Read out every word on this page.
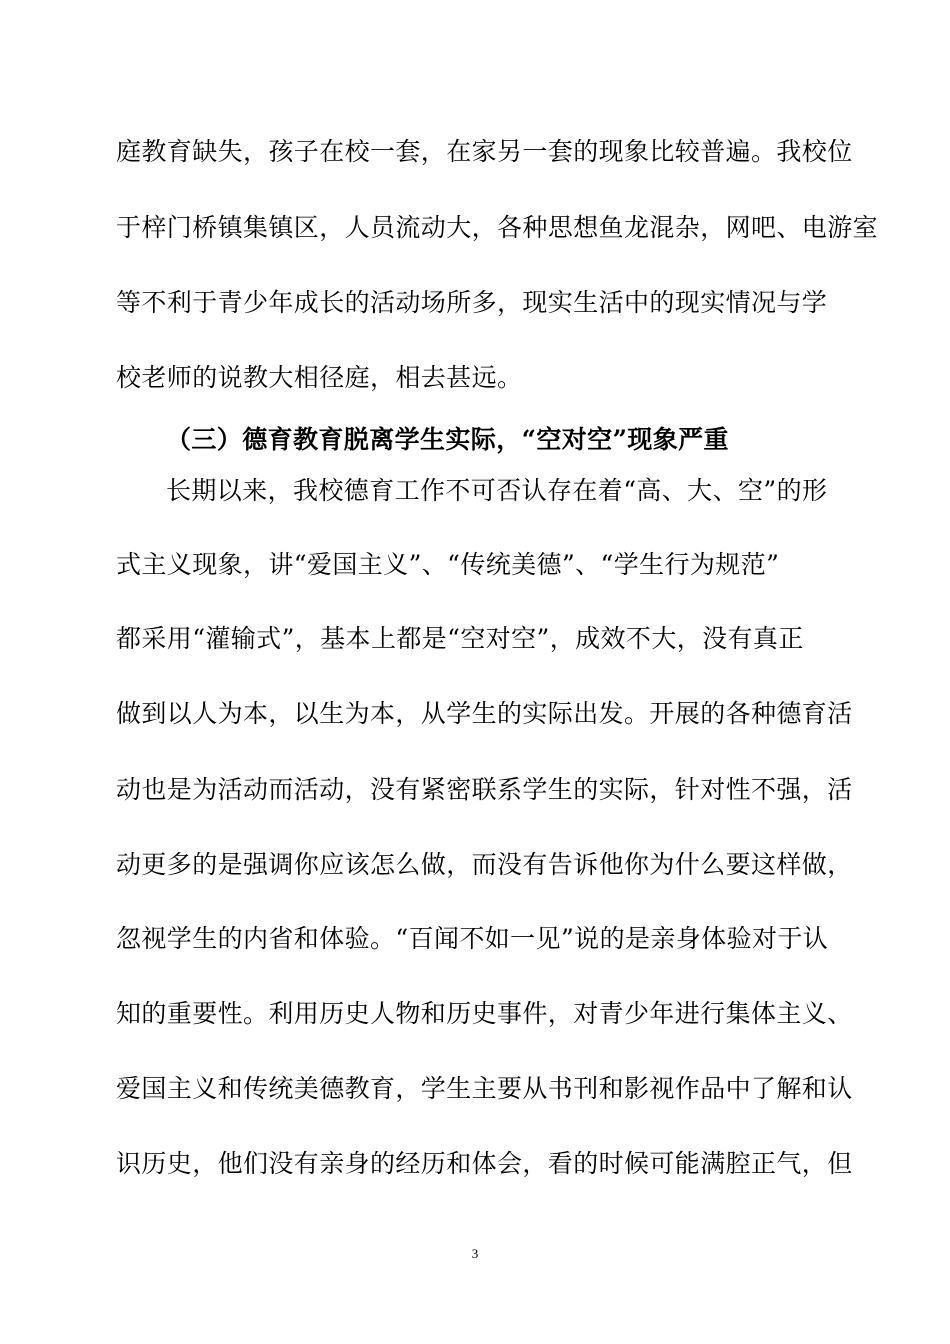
庭教育缺失，孩子在校一套，在家另一套的现象比较普遍。我校位
于梓门桥镇集镇区，人员流动大，各种思想鱼龙混杂，网吧、电游室
等不利于青少年成长的活动场所多，现实生活中的现实情况与学
校老师的说教大相径庭，相去甚远。
（三）德育教育脱离学生实际，“空对空”现象严重
长期以来，我校德育工作不可否认存在着“高、大、空”的形
式主义现象，讲“爱国主义”、“传统美德”、“学生行为规范”
都采用“灌输式”，基本上都是“空对空”，成效不大，没有真正
做到以人为本，以生为本，从学生的实际出发。开展的各种德育活
动也是为活动而活动，没有紧密联系学生的实际，针对性不强，活
动更多的是强调你应该怎么做，而没有告诉他你为什么要这样做，
忽视学生的内省和体验。“百闻不如一见”说的是亲身体验对于认
知的重要性。利用历史人物和历史事件，对青少年进行集体主义、
爱国主义和传统美德教育，学生主要从书刊和影视作品中了解和认
识历史，他们没有亲身的经历和体会，看的时候可能满腔正气，但
3
